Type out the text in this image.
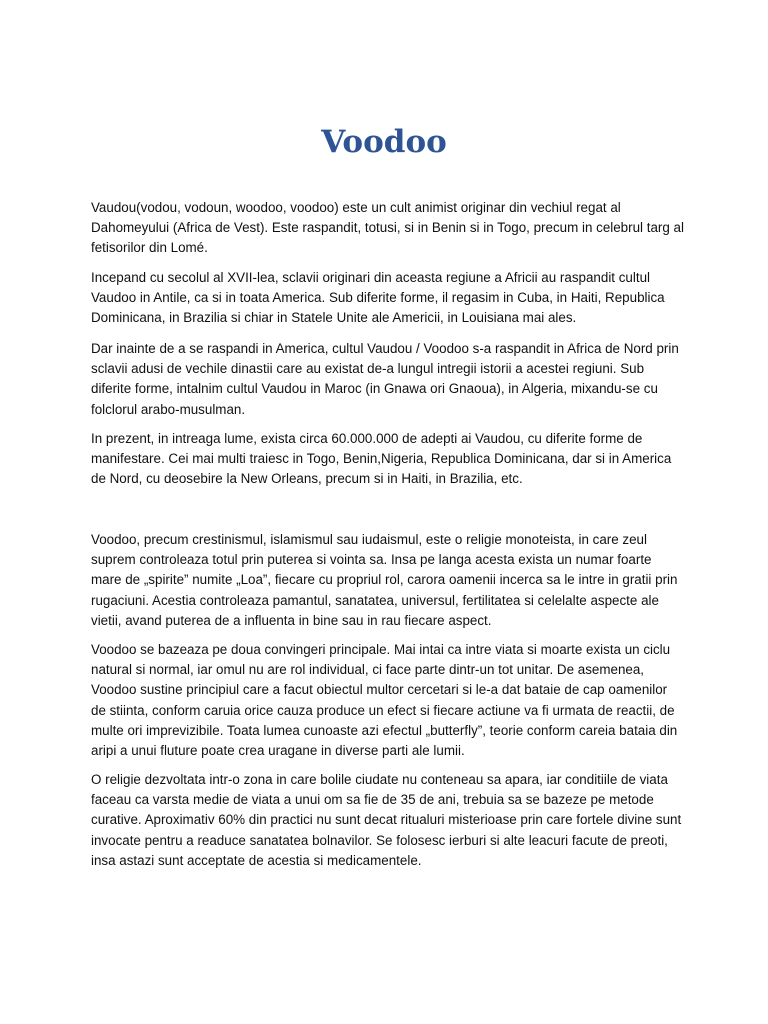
Voodoo

Vaudou(vodou, vodoun, woodoo, voodoo) este un cult animist originar din vechiul regat al Dahomeyului (Africa de Vest). Este raspandit, totusi, si in Benin si in Togo, precum in celebrul targ al fetisorilor din Lomé.

Incepand cu secolul al XVII-lea, sclavii originari din aceasta regiune a Africii au raspandit cultul Vaudoo in Antile, ca si in toata America. Sub diferite forme, il regasim in Cuba, in Haiti, Republica Dominicana, in Brazilia si chiar in Statele Unite ale Americii, in Louisiana mai ales.

Dar inainte de a se raspandi in America, cultul Vaudou / Voodoo s-a raspandit in Africa de Nord prin sclavii adusi de vechile dinastii care au existat de-a lungul intregii istorii a acestei regiuni. Sub diferite forme, intalnim cultul Vaudou in Maroc (in Gnawa ori Gnaoua), in Algeria, mixandu-se cu folclorul arabo-musulman.

In prezent, in intreaga lume, exista circa 60.000.000 de adepti ai Vaudou, cu diferite forme de manifestare. Cei mai multi traiesc in Togo, Benin,Nigeria, Republica Dominicana, dar si in America de Nord, cu deosebire la New Orleans, precum si in Haiti, in Brazilia, etc.

Voodoo, precum crestinismul, islamismul sau iudaismul, este o religie monoteista, in care zeul suprem controleaza totul prin puterea si vointa sa. Insa pe langa acesta exista un numar foarte mare de „spirite” numite „Loa”, fiecare cu propriul rol, carora oamenii incerca sa le intre in gratii prin rugaciuni. Acestia controleaza pamantul, sanatatea, universul, fertilitatea si celelalte aspecte ale vietii, avand puterea de a influenta in bine sau in rau fiecare aspect.

Voodoo se bazeaza pe doua convingeri principale. Mai intai ca intre viata si moarte exista un ciclu natural si normal, iar omul nu are rol individual, ci face parte dintr-un tot unitar. De asemenea, Voodoo sustine principiul care a facut obiectul multor cercetari si le-a dat bataie de cap oamenilor de stiinta, conform caruia orice cauza produce un efect si fiecare actiune va fi urmata de reactii, de multe ori imprevizibile. Toata lumea cunoaste azi efectul „butterfly”, teorie conform careia bataia din aripi a unui fluture poate crea uragane in diverse parti ale lumii.

O religie dezvoltata intr-o zona in care bolile ciudate nu conteneau sa apara, iar conditiile de viata faceau ca varsta medie de viata a unui om sa fie de 35 de ani, trebuia sa se bazeze pe metode curative. Aproximativ 60% din practici nu sunt decat ritualuri misterioase prin care fortele divine sunt invocate pentru a readuce sanatatea bolnavilor. Se folosesc ierburi si alte leacuri facute de preoti, insa astazi sunt acceptate de acestia si medicamentele.
